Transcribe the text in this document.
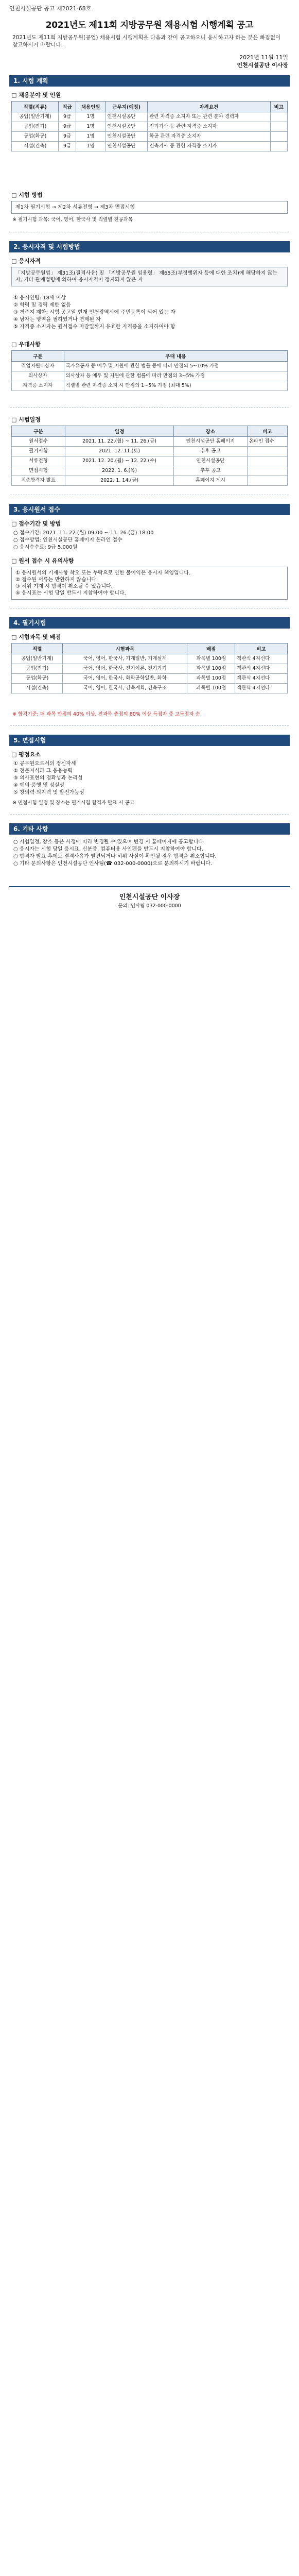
인천시설공단 공고 제2021-68호
2021년도 제11회 지방공무원 채용시험 시행계획 공고
2021년도 제11회 지방공무원(공업) 채용시험 시행계획을 다음과 같이 공고하오니 응시하고자 하는 분은 빠짐없이 참고하시기 바랍니다.
2021년 11월 11일
인천시설공단 이사장
1. 시험 계획
□ 채용분야 및 인원
직렬(직류)	직급	채용인원	근무지(예정)	자격요건	비고
공업(일반기계)	9급	1명	인천시설공단	관련 자격증 소지자 또는 관련 분야 경력자	
공업(전기)	9급	1명	인천시설공단	전기기사 등 관련 자격증 소지자	
공업(화공)	9급	1명	인천시설공단	화공 관련 자격증 소지자	
시설(건축)	9급	1명	인천시설공단	건축기사 등 관련 자격증 소지자	
□ 시험 방법
제1차 필기시험 → 제2차 서류전형 → 제3차 면접시험
※ 필기시험 과목: 국어, 영어, 한국사 및 직렬별 전공과목
2. 응시자격 및 시험방법
□ 응시자격
「지방공무원법」 제31조(결격사유) 및 「지방공무원 임용령」 제65조(부정행위자 등에 대한 조치)에 해당하지 않는 자, 기타 관계법령에 의하여 응시자격이 정지되지 않은 자
① 응시연령: 18세 이상
② 학력 및 경력 제한 없음
③ 거주지 제한: 시험 공고일 현재 인천광역시에 주민등록이 되어 있는 자
④ 남자는 병역을 필하였거나 면제된 자
⑤ 자격증 소지자는 원서접수 마감일까지 유효한 자격증을 소지하여야 함
□ 우대사항
구분	우대 내용
취업지원대상자	국가유공자 등 예우 및 지원에 관한 법률 등에 따라 만점의 5~10% 가점
의사상자	의사상자 등 예우 및 지원에 관한 법률에 따라 만점의 3~5% 가점
자격증 소지자	직렬별 관련 자격증 소지 시 만점의 1~5% 가점 (최대 5%)
□ 시험일정
구분	일정	장소	비고
원서접수	2021. 11. 22.(월) ~ 11. 26.(금)	인천시설공단 홈페이지	온라인 접수
필기시험	2021. 12. 11.(토)	추후 공고	
서류전형	2021. 12. 20.(월) ~ 12. 22.(수)	인천시설공단	
면접시험	2022. 1. 6.(목)	추후 공고	
최종합격자 발표	2022. 1. 14.(금)	홈페이지 게시	
3. 응시원서 접수
□ 접수기간 및 방법
○ 접수기간: 2021. 11. 22.(월) 09:00 ~ 11. 26.(금) 18:00
○ 접수방법: 인천시설공단 홈페이지 온라인 접수
○ 응시수수료: 9급 5,000원
□ 원서 접수 시 유의사항
① 응시원서의 기재사항 착오 또는 누락으로 인한 불이익은 응시자 책임입니다.
② 접수된 서류는 반환하지 않습니다.
③ 허위 기재 시 합격이 취소될 수 있습니다.
④ 응시표는 시험 당일 반드시 지참하여야 합니다.
4. 필기시험
□ 시험과목 및 배점
직렬	시험과목	배점	비고
공업(일반기계)	국어, 영어, 한국사, 기계일반, 기계설계	과목별 100점	객관식 4지선다
공업(전기)	국어, 영어, 한국사, 전기이론, 전기기기	과목별 100점	객관식 4지선다
공업(화공)	국어, 영어, 한국사, 화학공학일반, 화학	과목별 100점	객관식 4지선다
시설(건축)	국어, 영어, 한국사, 건축계획, 건축구조	과목별 100점	객관식 4지선다
※ 합격기준: 매 과목 만점의 40% 이상, 전과목 총점의 60% 이상 득점자 중 고득점자 순
5. 면접시험
□ 평정요소
① 공무원으로서의 정신자세
② 전문지식과 그 응용능력
③ 의사표현의 정확성과 논리성
④ 예의·품행 및 성실성
⑤ 창의력·의지력 및 발전가능성
※ 면접시험 일정 및 장소는 필기시험 합격자 발표 시 공고
6. 기타 사항
○ 시험일정, 장소 등은 사정에 따라 변경될 수 있으며 변경 시 홈페이지에 공고합니다.
○ 응시자는 시험 당일 응시표, 신분증, 컴퓨터용 사인펜을 반드시 지참하여야 합니다.
○ 합격자 발표 후에도 결격사유가 발견되거나 허위 사실이 확인될 경우 합격을 취소합니다.
○ 기타 문의사항은 인천시설공단 인사팀(☎ 032-000-0000)으로 문의하시기 바랍니다.
인천시설공단 이사장
문의: 인사팀 032-000-0000
